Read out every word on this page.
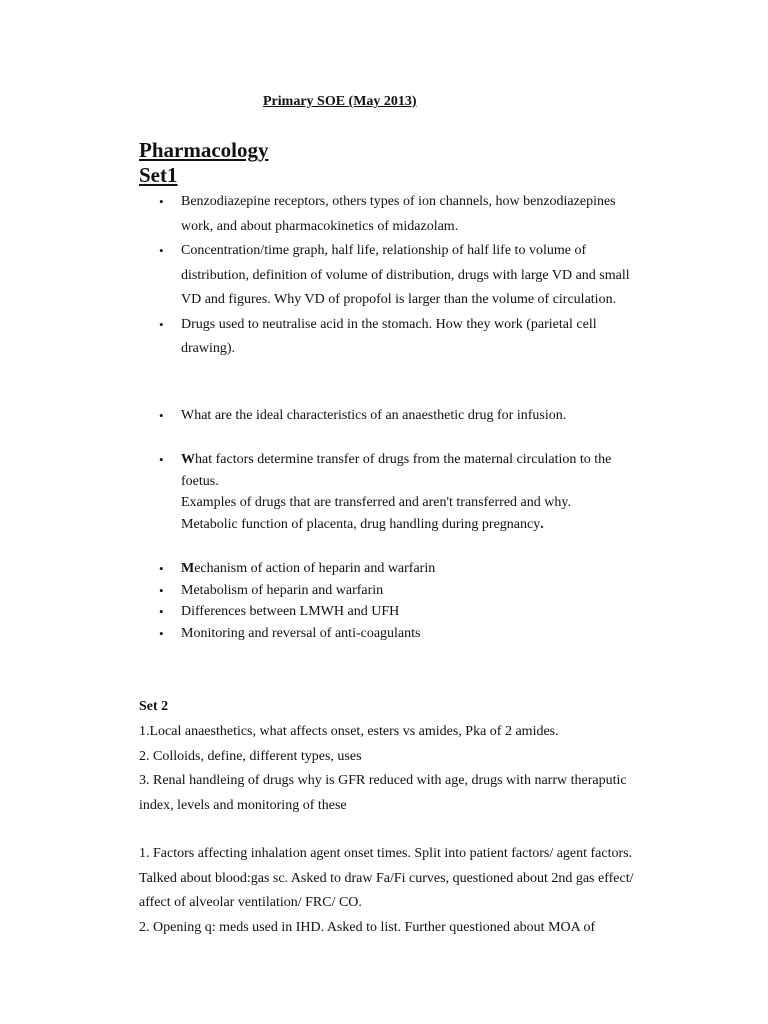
Primary SOE (May 2013)
Pharmacology
Set1
• Benzodiazepine receptors, others types of ion channels, how benzodiazepines work, and about pharmacokinetics of midazolam.
• Concentration/time graph, half life, relationship of half life to volume of distribution, definition of volume of distribution, drugs with large VD and small VD and figures. Why VD of propofol is larger than the volume of circulation.
• Drugs used to neutralise acid in the stomach. How they work (parietal cell drawing).
• What are the ideal characteristics of an anaesthetic drug for infusion.
• What factors determine transfer of drugs from the maternal circulation to the foetus.
Examples of drugs that are transferred and aren't transferred and why.
Metabolic function of placenta, drug handling during pregnancy.
• Mechanism of action of heparin and warfarin
• Metabolism of heparin and warfarin
• Differences between LMWH and UFH
• Monitoring and reversal of anti-coagulants
Set 2

1.Local anaesthetics, what affects onset, esters vs amides, Pka of 2 amides.

2. Colloids, define, different types, uses

3. Renal handleing of drugs why is GFR reduced with age, drugs with narrw theraputic index, levels and monitoring of these

1. Factors affecting inhalation agent onset times. Split into patient factors/ agent factors. Talked about blood:gas sc. Asked to draw Fa/Fi curves, questioned about 2nd gas effect/ affect of alveolar ventilation/ FRC/ CO.

2. Opening q: meds used in IHD. Asked to list. Further questioned about MOA of
